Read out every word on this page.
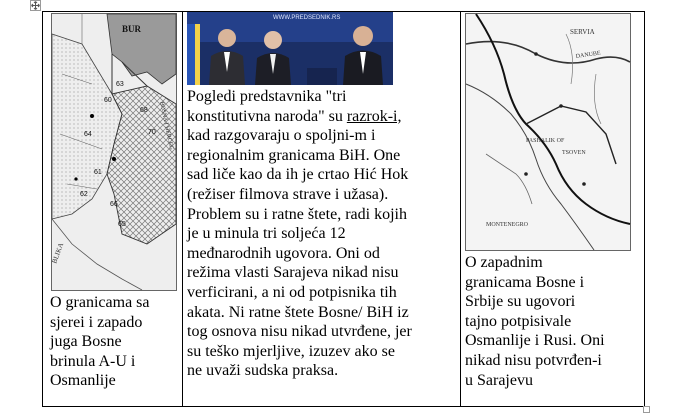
BUR
BLIKA
BOSNA I HERCEG
63
60
70
68
64
61
62
66
65

O granicama sa
sjerei i zapado
juga Bosne
brinula A-U i
Osmanlije

WWW.PREDSEDNIK.RS

Pogledi predstavnika "tri
konstitutivna naroda" su razrok-i,
kad razgovaraju o spoljni-m i
regionalnim granicama BiH. One
sad liče kao da ih je crtao Hić Hok
(režiser filmova strave i užasa).
Problem su i ratne štete, radi kojih
je u minula tri soljeća 12
međnarodnih ugovora. Oni od
režima vlasti Sarajeva nikad nisu
verficirani, a ni od potpisnika tih
akata. Ni ratne štete Bosne/ BiH iz
tog osnova nisu nikad utvrđene, jer
su teško mjerljive, izuzev ako se
ne uvaži sudska praksa.

SERVIA
DANUBE
PASHALIK OF
TSOVEN
MONTENEGRO

O zapadnim
granicama Bosne i
Srbije su ugovori
tajno potpisivale
Osmanlije i Rusi. Oni
nikad nisu potvrđen-i
u Sarajevu
